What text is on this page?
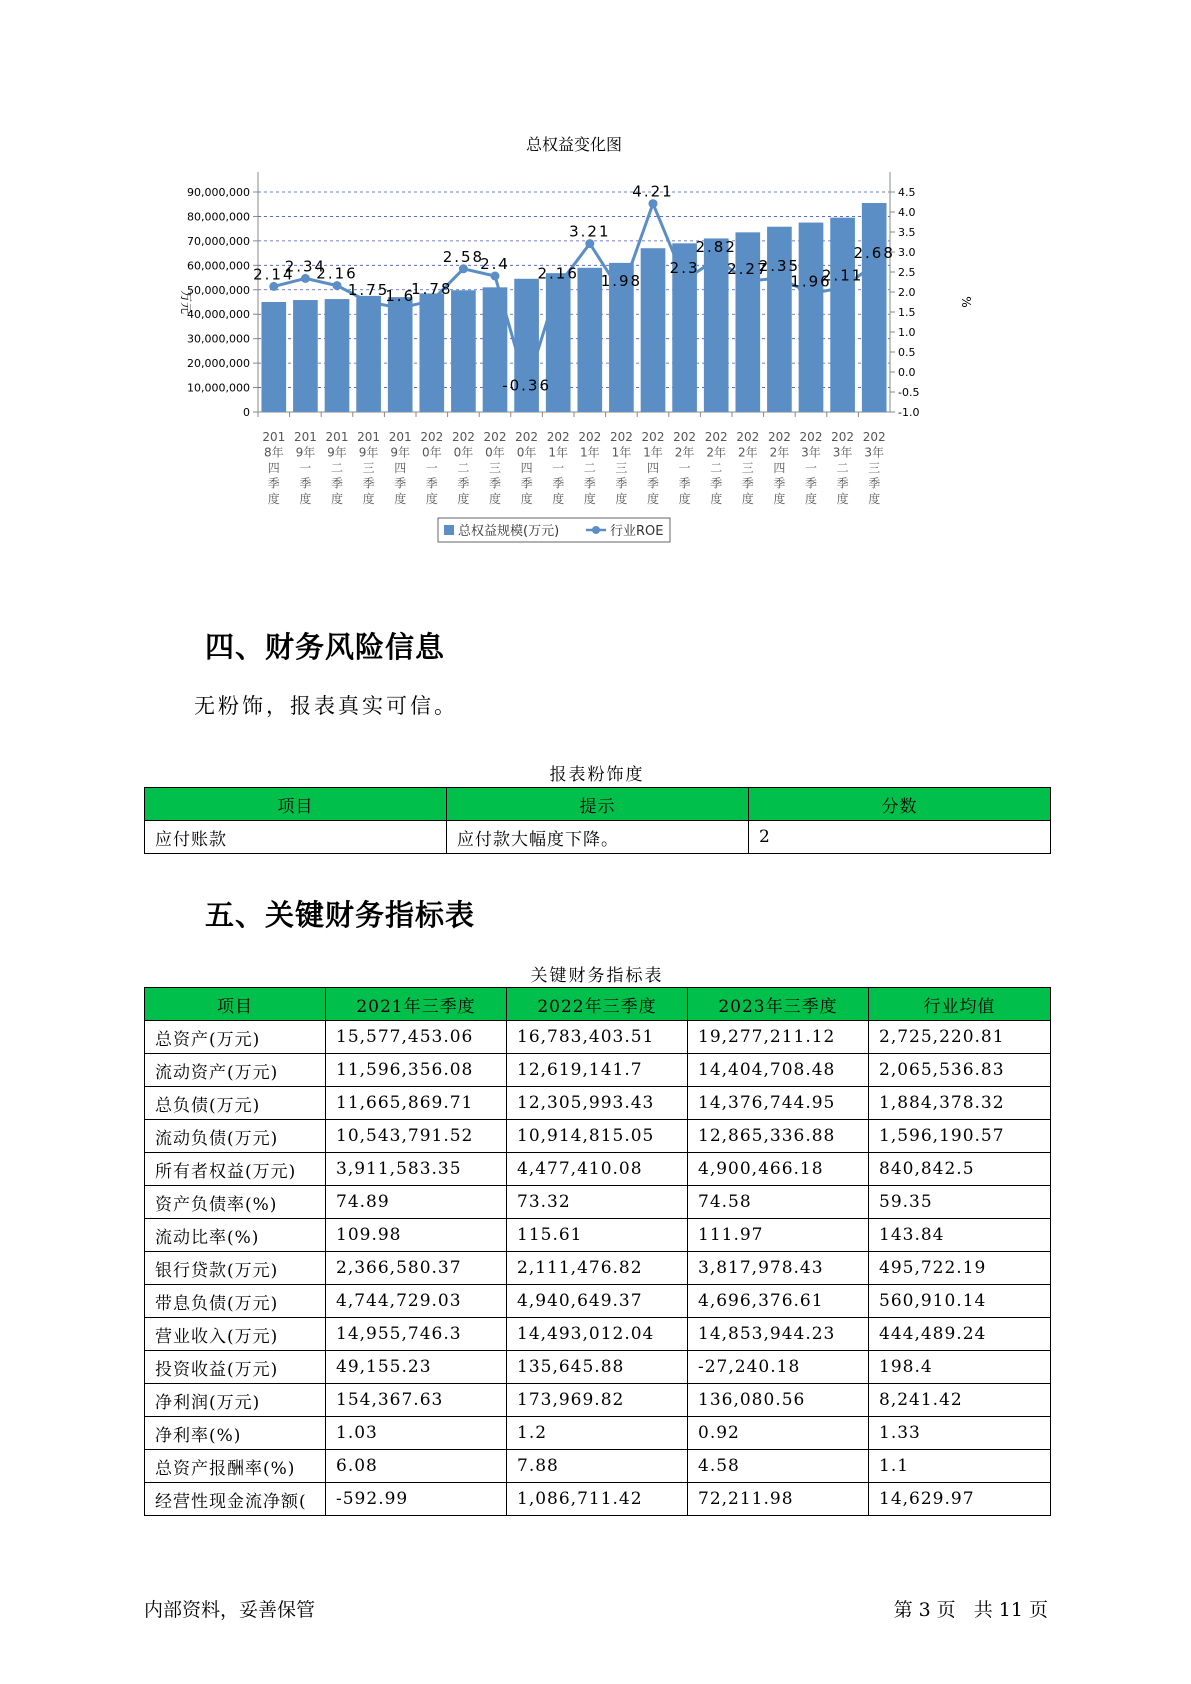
总权益变化图
0
10,000,000
20,000,000
30,000,000
40,000,000
50,000,000
60,000,000
70,000,000
80,000,000
90,000,000
-1.0
-0.5
0.0
0.5
1.0
1.5
2.0
2.5
3.0
3.5
4.0
4.5
万元	%
201
8年
四
季
度
201
9年
一
季
度
201
9年
二
季
度
201
9年
三
季
度
201
9年
四
季
度
202
0年
一
季
度
202
0年
二
季
度
202
0年
三
季
度
202
0年
四
季
度
202
1年
一
季
度
202
1年
二
季
度
202
1年
三
季
度
202
1年
四
季
度
202
2年
一
季
度
202
2年
二
季
度
202
2年
三
季
度
202
2年
四
季
度
202
3年
一
季
度
202
3年
二
季
度
202
3年
三
季
度
2.14
2.34
2.16
1.75
1.6
1.78
2.58
2.4
-0.36
2.16
3.21
1.98
4.21
2.3
2.82
2.27
2.35
1.96
2.11
2.68
总权益规模(万元)	行业ROE
四、财务风险信息

无粉饰，报表真实可信。

报表粉饰度
项目	提示	分数
应付账款	应付款大幅度下降。	2
五、关键财务指标表
关键财务指标表
项目	2021年三季度	2022年三季度	2023年三季度	行业均值
总资产(万元)	15,577,453.06	16,783,403.51	19,277,211.12	2,725,220.81
流动资产(万元)	11,596,356.08	12,619,141.7	14,404,708.48	2,065,536.83
总负债(万元)	11,665,869.71	12,305,993.43	14,376,744.95	1,884,378.32
流动负债(万元)	10,543,791.52	10,914,815.05	12,865,336.88	1,596,190.57
所有者权益(万元)	3,911,583.35	4,477,410.08	4,900,466.18	840,842.5
资产负债率(%)	74.89	73.32	74.58	59.35
流动比率(%)	109.98	115.61	111.97	143.84
银行贷款(万元)	2,366,580.37	2,111,476.82	3,817,978.43	495,722.19
带息负债(万元)	4,744,729.03	4,940,649.37	4,696,376.61	560,910.14
营业收入(万元)	14,955,746.3	14,493,012.04	14,853,944.23	444,489.24
投资收益(万元)	49,155.23	135,645.88	-27,240.18	198.4
净利润(万元)	154,367.63	173,969.82	136,080.56	8,241.42
净利率(%)	1.03	1.2	0.92	1.33
总资产报酬率(%)	6.08	7.88	4.58	1.1
经营性现金流净额(	-592.99	1,086,711.42	72,211.98	14,629.97
内部资料，妥善保管	第 3 页 共 11 页
